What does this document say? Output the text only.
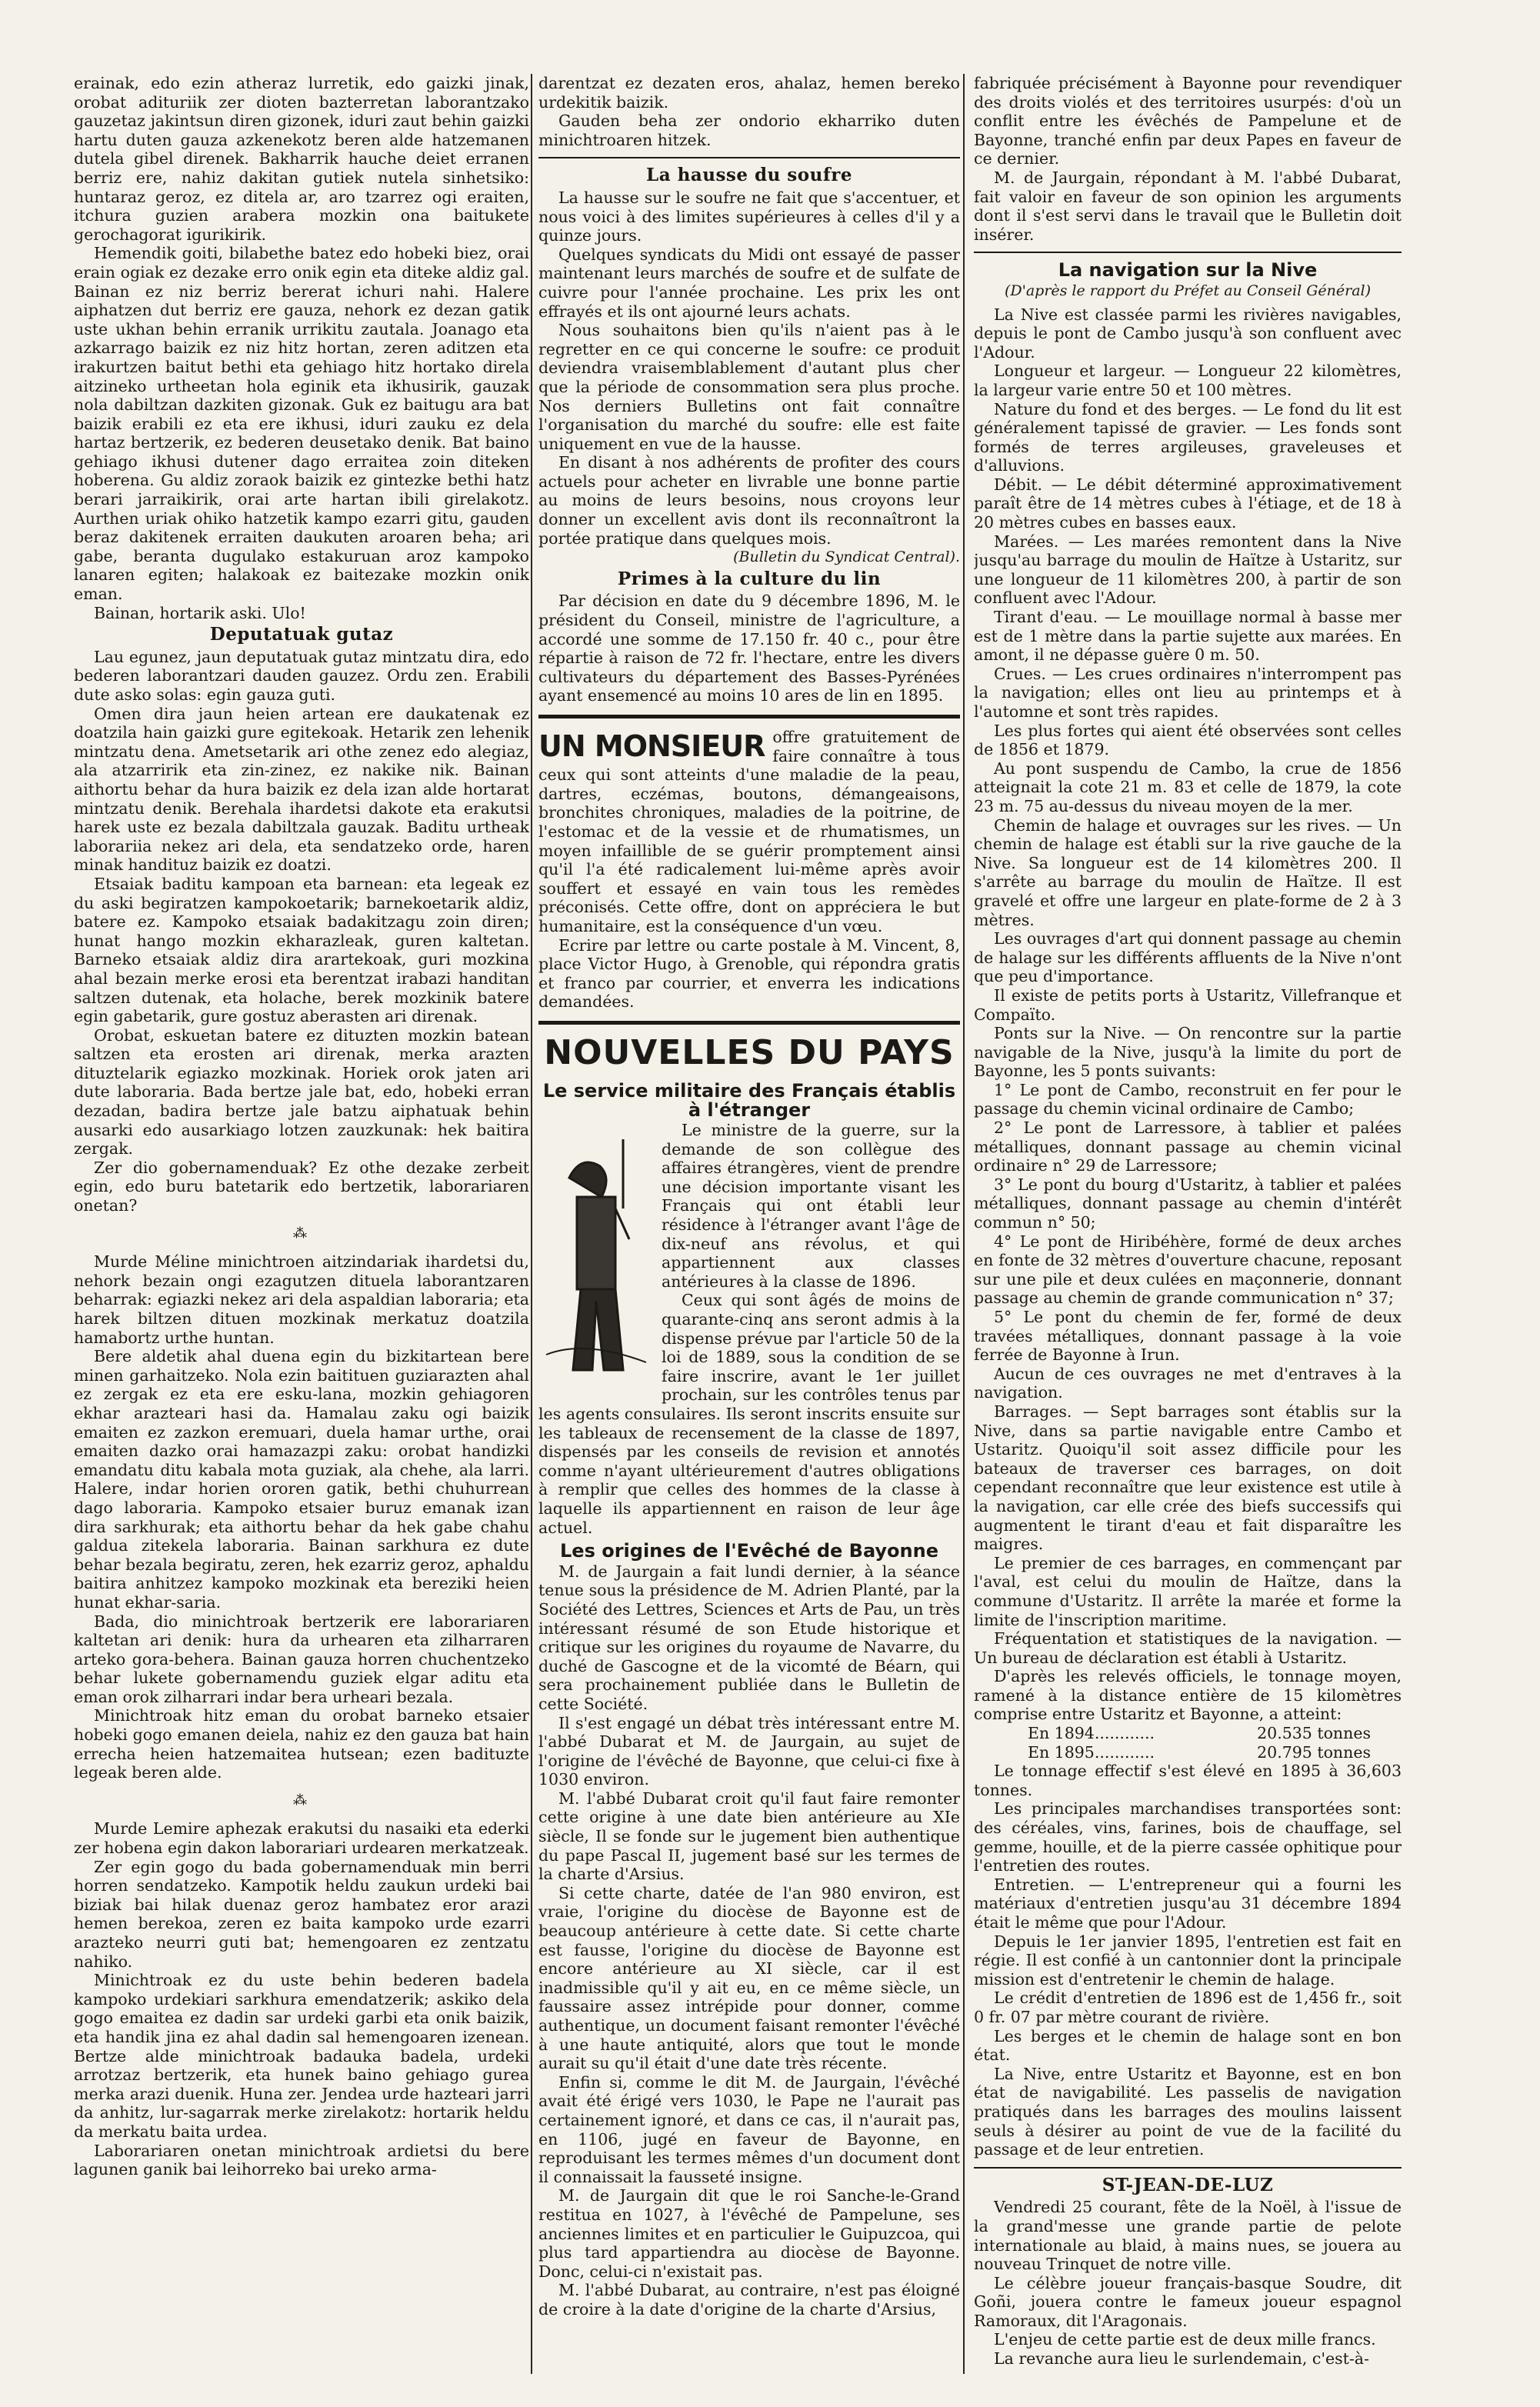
erainak, edo ezin atheraz lurretik, edo gaizki jinak, orobat adituriik zer dioten bazterretan laborantzako gauzetaz jakintsun diren gizonek, iduri zaut behin gaizki hartu duten gauza azkenekotz beren alde hatzemanen dutela gibel direnek. Bakharrik hauche deiet erranen berriz ere, nahiz dakitan gutiek nutela sinhetsiko: huntaraz geroz, ez ditela ar, aro tzarrez ogi eraiten, itchura guzien arabera mozkin ona baitukete gerochagorat igurikirik.

Hemendik goiti, bilabethe batez edo hobeki biez, orai erain ogiak ez dezake erro onik egin eta diteke aldiz gal. Bainan ez niz berriz bererat ichuri nahi. Halere aiphatzen dut berriz ere gauza, nehork ez dezan gatik uste ukhan behin erranik urrikitu zautala. Joanago eta azkarrago baizik ez niz hitz hortan, zeren aditzen eta irakurtzen baitut bethi eta gehiago hitz hortako direla aitzineko urtheetan hola eginik eta ikhusirik, gauzak nola dabiltzan dazkiten gizonak. Guk ez baitugu ara bat baizik erabili ez eta ere ikhusi, iduri zauku ez dela hartaz bertzerik, ez bederen deusetako denik. Bat baino gehiago ikhusi dutener dago erraitea zoin diteken hoberena. Gu aldiz zoraok baizik ez gintezke bethi hatz berari jarraikirik, orai arte hartan ibili girelakotz. Aurthen uriak ohiko hatzetik kampo ezarri gitu, gauden beraz dakitenek erraiten daukuten aroaren beha; ari gabe, beranta dugulako estakuruan aroz kampoko lanaren egiten; halakoak ez baitezake mozkin onik eman.

Bainan, hortarik aski. Ulo!

Deputatuak gutaz

Lau egunez, jaun deputatuak gutaz mintzatu dira, edo bederen laborantzari dauden gauzez. Ordu zen. Erabili dute asko solas: egin gauza guti.

Omen dira jaun heien artean ere daukatenak ez doatzila hain gaizki gure egitekoak. Hetarik zen lehenik mintzatu dena. Ametsetarik ari othe zenez edo alegiaz, ala atzarririk eta zin-zinez, ez nakike nik. Bainan aithortu behar da hura baizik ez dela izan alde hortarat mintzatu denik. Berehala ihardetsi dakote eta erakutsi harek uste ez bezala dabiltzala gauzak. Baditu urtheak laborariia nekez ari dela, eta sendatzeko orde, haren minak handituz baizik ez doatzi.

Etsaiak baditu kampoan eta barnean: eta legeak ez du aski begiratzen kampokoetarik; barnekoetarik aldiz, batere ez. Kampoko etsaiak badakitzagu zoin diren; hunat hango mozkin ekharazleak, guren kaltetan. Barneko etsaiak aldiz dira arartekoak, guri mozkina ahal bezain merke erosi eta berentzat irabazi handitan saltzen dutenak, eta holache, berek mozkinik batere egin gabetarik, gure gostuz aberasten ari direnak.

Orobat, eskuetan batere ez dituzten mozkin batean saltzen eta erosten ari direnak, merka arazten dituztelarik egiazko mozkinak. Horiek orok jaten ari dute laboraria. Bada bertze jale bat, edo, hobeki erran dezadan, badira bertze jale batzu aiphatuak behin ausarki edo ausarkiago lotzen zauzkunak: hek baitira zergak.

Zer dio gobernamenduak? Ez othe dezake zerbeit egin, edo buru batetarik edo bertzetik, laborariaren onetan?

⁂

Murde Méline minichtroen aitzindariak ihardetsi du, nehork bezain ongi ezagutzen dituela laborantzaren beharrak: egiazki nekez ari dela aspaldian laboraria; eta harek biltzen dituen mozkinak merkatuz doatzila hamabortz urthe huntan.

Bere aldetik ahal duena egin du bizkitartean bere minen garhaitzeko. Nola ezin baitituen guziarazten ahal ez zergak ez eta ere esku-lana, mozkin gehiagoren ekhar arazteari hasi da. Hamalau zaku ogi baizik emaiten ez zazkon eremuari, duela hamar urthe, orai emaiten dazko orai hamazazpi zaku: orobat handizki emandatu ditu kabala mota guziak, ala chehe, ala larri. Halere, indar horien ororen gatik, bethi chuhurrean dago laboraria. Kampoko etsaier buruz emanak izan dira sarkhurak; eta aithortu behar da hek gabe chahu galdua zitekela laboraria. Bainan sarkhura ez dute behar bezala begiratu, zeren, hek ezarriz geroz, aphaldu baitira anhitzez kampoko mozkinak eta bereziki heien hunat ekhar-saria.

Bada, dio minichtroak bertzerik ere laborariaren kaltetan ari denik: hura da urhearen eta zilharraren arteko gora-behera. Bainan gauza horren chuchentzeko behar lukete gobernamendu guziek elgar aditu eta eman orok zilharrari indar bera urheari bezala.

Minichtroak hitz eman du orobat barneko etsaier hobeki gogo emanen deiela, nahiz ez den gauza bat hain errecha heien hatzemaitea hutsean; ezen badituzte legeak beren alde.

⁂

Murde Lemire aphezak erakutsi du nasaiki eta ederki zer hobena egin dakon laborariari urdearen merkatzeak.

Zer egin gogo du bada gobernamenduak min berri horren sendatzeko. Kampotik heldu zaukun urdeki bai biziak bai hilak duenaz geroz hambatez eror arazi hemen berekoa, zeren ez baita kampoko urde ezarri arazteko neurri guti bat; hemengoaren ez zentzatu nahiko.

Minichtroak ez du uste behin bederen badela kampoko urdekiari sarkhura emendatzerik; askiko dela gogo emaitea ez dadin sar urdeki garbi eta onik baizik, eta handik jina ez ahal dadin sal hemengoaren izenean. Bertze alde minichtroak badauka badela, urdeki arrotzaz bertzerik, eta hunek baino gehiago gurea merka arazi duenik. Huna zer. Jendea urde hazteari jarri da anhitz, lur-sagarrak merke zirelakotz: hortarik heldu da merkatu baita urdea.

Laborariaren onetan minichtroak ardietsi du bere lagunen ganik bai leihorreko bai ureko arma-

darentzat ez dezaten eros, ahalaz, hemen bereko urdekitik baizik.

Gauden beha zer ondorio ekharriko duten minichtroaren hitzek.

La hausse du soufre

La hausse sur le soufre ne fait que s'accentuer, et nous voici à des limites supérieures à celles d'il y a quinze jours.

Quelques syndicats du Midi ont essayé de passer maintenant leurs marchés de soufre et de sulfate de cuivre pour l'année prochaine. Les prix les ont effrayés et ils ont ajourné leurs achats.

Nous souhaitons bien qu'ils n'aient pas à le regretter en ce qui concerne le soufre: ce produit deviendra vraisemblablement d'autant plus cher que la période de consommation sera plus proche. Nos derniers Bulletins ont fait connaître l'organisation du marché du soufre: elle est faite uniquement en vue de la hausse.

En disant à nos adhérents de profiter des cours actuels pour acheter en livrable une bonne partie au moins de leurs besoins, nous croyons leur donner un excellent avis dont ils reconnaîtront la portée pratique dans quelques mois.

(Bulletin du Syndicat Central).
Primes à la culture du lin

Par décision en date du 9 décembre 1896, M. le président du Conseil, ministre de l'agriculture, a accordé une somme de 17.150 fr. 40 c., pour être répartie à raison de 72 fr. l'hectare, entre les divers cultivateurs du département des Basses-Pyrénées ayant ensemencé au moins 10 ares de lin en 1895.

UN MONSIEUR offre gratuitement de faire connaître à tous ceux qui sont atteints d'une maladie de la peau, dartres, eczémas, boutons, démangeaisons, bronchites chroniques, maladies de la poitrine, de l'estomac et de la vessie et de rhumatismes, un moyen infaillible de se guérir promptement ainsi qu'il l'a été radicalement lui-même après avoir souffert et essayé en vain tous les remèdes préconisés. Cette offre, dont on appréciera le but humanitaire, est la conséquence d'un vœu.

Ecrire par lettre ou carte postale à M. Vincent, 8, place Victor Hugo, à Grenoble, qui répondra gratis et franco par courrier, et enverra les indications demandées.

NOUVELLES DU PAYS
Le service militaire des Français établis à l'étranger

Le ministre de la guerre, sur la demande de son collègue des affaires étrangères, vient de prendre une décision importante visant les Français qui ont établi leur résidence à l'étranger avant l'âge de dix-neuf ans révolus, et qui appartiennent aux classes antérieures à la classe de 1896.

Ceux qui sont âgés de moins de quarante-cinq ans seront admis à la dispense prévue par l'article 50 de la loi de 1889, sous la condition de se faire inscrire, avant le 1er juillet prochain, sur les contrôles tenus par les agents consulaires. Ils seront inscrits ensuite sur les tableaux de recensement de la classe de 1897, dispensés par les conseils de revision et annotés comme n'ayant ultérieurement d'autres obligations à remplir que celles des hommes de la classe à laquelle ils appartiennent en raison de leur âge actuel.

Les origines de l'Evêché de Bayonne

M. de Jaurgain a fait lundi dernier, à la séance tenue sous la présidence de M. Adrien Planté, par la Société des Lettres, Sciences et Arts de Pau, un très intéressant résumé de son Etude historique et critique sur les origines du royaume de Navarre, du duché de Gascogne et de la vicomté de Béarn, qui sera prochainement publiée dans le Bulletin de cette Société.

Il s'est engagé un débat très intéressant entre M. l'abbé Dubarat et M. de Jaurgain, au sujet de l'origine de l'évêché de Bayonne, que celui-ci fixe à 1030 environ.

M. l'abbé Dubarat croit qu'il faut faire remonter cette origine à une date bien antérieure au XIe siècle, Il se fonde sur le jugement bien authentique du pape Pascal II, jugement basé sur les termes de la charte d'Arsius.

Si cette charte, datée de l'an 980 environ, est vraie, l'origine du diocèse de Bayonne est de beaucoup antérieure à cette date. Si cette charte est fausse, l'origine du diocèse de Bayonne est encore antérieure au XI siècle, car il est inadmissible qu'il y ait eu, en ce même siècle, un faussaire assez intrépide pour donner, comme authentique, un document faisant remonter l'évêché à une haute antiquité, alors que tout le monde aurait su qu'il était d'une date très récente.

Enfin si, comme le dit M. de Jaurgain, l'évêché avait été érigé vers 1030, le Pape ne l'aurait pas certainement ignoré, et dans ce cas, il n'aurait pas, en 1106, jugé en faveur de Bayonne, en reproduisant les termes mêmes d'un document dont il connaissait la fausseté insigne.

M. de Jaurgain dit que le roi Sanche-le-Grand restitua en 1027, à l'évêché de Pampelune, ses anciennes limites et en particulier le Guipuzcoa, qui plus tard appartiendra au diocèse de Bayonne. Donc, celui-ci n'existait pas.

M. l'abbé Dubarat, au contraire, n'est pas éloigné de croire à la date d'origine de la charte d'Arsius,

fabriquée précisément à Bayonne pour revendiquer des droits violés et des territoires usurpés: d'où un conflit entre les évêchés de Pampelune et de Bayonne, tranché enfin par deux Papes en faveur de ce dernier.

M. de Jaurgain, répondant à M. l'abbé Dubarat, fait valoir en faveur de son opinion les arguments dont il s'est servi dans le travail que le Bulletin doit insérer.

La navigation sur la Nive
(D'après le rapport du Préfet au Conseil Général)

La Nive est classée parmi les rivières navigables, depuis le pont de Cambo jusqu'à son confluent avec l'Adour.

Longueur et largeur. — Longueur 22 kilomètres, la largeur varie entre 50 et 100 mètres.

Nature du fond et des berges. — Le fond du lit est généralement tapissé de gravier. — Les fonds sont formés de terres argileuses, graveleuses et d'alluvions.

Débit. — Le débit déterminé approximativement paraît être de 14 mètres cubes à l'étiage, et de 18 à 20 mètres cubes en basses eaux.

Marées. — Les marées remontent dans la Nive jusqu'au barrage du moulin de Haïtze à Ustaritz, sur une longueur de 11 kilomètres 200, à partir de son confluent avec l'Adour.

Tirant d'eau. — Le mouillage normal à basse mer est de 1 mètre dans la partie sujette aux marées. En amont, il ne dépasse guère 0 m. 50.

Crues. — Les crues ordinaires n'interrompent pas la navigation; elles ont lieu au printemps et à l'automne et sont très rapides.

Les plus fortes qui aient été observées sont celles de 1856 et 1879.

Au pont suspendu de Cambo, la crue de 1856 atteignait la cote 21 m. 83 et celle de 1879, la cote 23 m. 75 au-dessus du niveau moyen de la mer.

Chemin de halage et ouvrages sur les rives. — Un chemin de halage est établi sur la rive gauche de la Nive. Sa longueur est de 14 kilomètres 200. Il s'arrête au barrage du moulin de Haïtze. Il est gravelé et offre une largeur en plate-forme de 2 à 3 mètres.

Les ouvrages d'art qui donnent passage au chemin de halage sur les différents affluents de la Nive n'ont que peu d'importance.

Il existe de petits ports à Ustaritz, Villefranque et Compaïto.

Ponts sur la Nive. — On rencontre sur la partie navigable de la Nive, jusqu'à la limite du port de Bayonne, les 5 ponts suivants:

1° Le pont de Cambo, reconstruit en fer pour le passage du chemin vicinal ordinaire de Cambo;

2° Le pont de Larressore, à tablier et palées métalliques, donnant passage au chemin vicinal ordinaire n° 29 de Larressore;

3° Le pont du bourg d'Ustaritz, à tablier et palées métalliques, donnant passage au chemin d'intérêt commun n° 50;

4° Le pont de Hiribéhère, formé de deux arches en fonte de 32 mètres d'ouverture chacune, reposant sur une pile et deux culées en maçonnerie, donnant passage au chemin de grande communication n° 37;

5° Le pont du chemin de fer, formé de deux travées métalliques, donnant passage à la voie ferrée de Bayonne à Irun.

Aucun de ces ouvrages ne met d'entraves à la navigation.

Barrages. — Sept barrages sont établis sur la Nive, dans sa partie navigable entre Cambo et Ustaritz. Quoiqu'il soit assez difficile pour les bateaux de traverser ces barrages, on doit cependant reconnaître que leur existence est utile à la navigation, car elle crée des biefs successifs qui augmentent le tirant d'eau et fait disparaître les maigres.

Le premier de ces barrages, en commençant par l'aval, est celui du moulin de Haïtze, dans la commune d'Ustaritz. Il arrête la marée et forme la limite de l'inscription maritime.

Fréquentation et statistiques de la navigation. — Un bureau de déclaration est établi à Ustaritz.

D'après les relevés officiels, le tonnage moyen, ramené à la distance entière de 15 kilomètres comprise entre Ustaritz et Bayonne, a atteint:

En 1894............	20.535 tonnes
En 1895............	20.795 tonnes

Le tonnage effectif s'est élevé en 1895 à 36,603 tonnes.

Les principales marchandises transportées sont: des céréales, vins, farines, bois de chauffage, sel gemme, houille, et de la pierre cassée ophitique pour l'entretien des routes.

Entretien. — L'entrepreneur qui a fourni les matériaux d'entretien jusqu'au 31 décembre 1894 était le même que pour l'Adour.

Depuis le 1er janvier 1895, l'entretien est fait en régie. Il est confié à un cantonnier dont la principale mission est d'entretenir le chemin de halage.

Le crédit d'entretien de 1896 est de 1,456 fr., soit 0 fr. 07 par mètre courant de rivière.

Les berges et le chemin de halage sont en bon état.

La Nive, entre Ustaritz et Bayonne, est en bon état de navigabilité. Les passelis de navigation pratiqués dans les barrages des moulins laissent seuls à désirer au point de vue de la facilité du passage et de leur entretien.

ST-JEAN-DE-LUZ

Vendredi 25 courant, fête de la Noël, à l'issue de la grand'messe une grande partie de pelote internationale au blaid, à mains nues, se jouera au nouveau Trinquet de notre ville.

Le célèbre joueur français-basque Soudre, dit Goñi, jouera contre le fameux joueur espagnol Ramoraux, dit l'Aragonais.

L'enjeu de cette partie est de deux mille francs.

La revanche aura lieu le surlendemain, c'est-à-
